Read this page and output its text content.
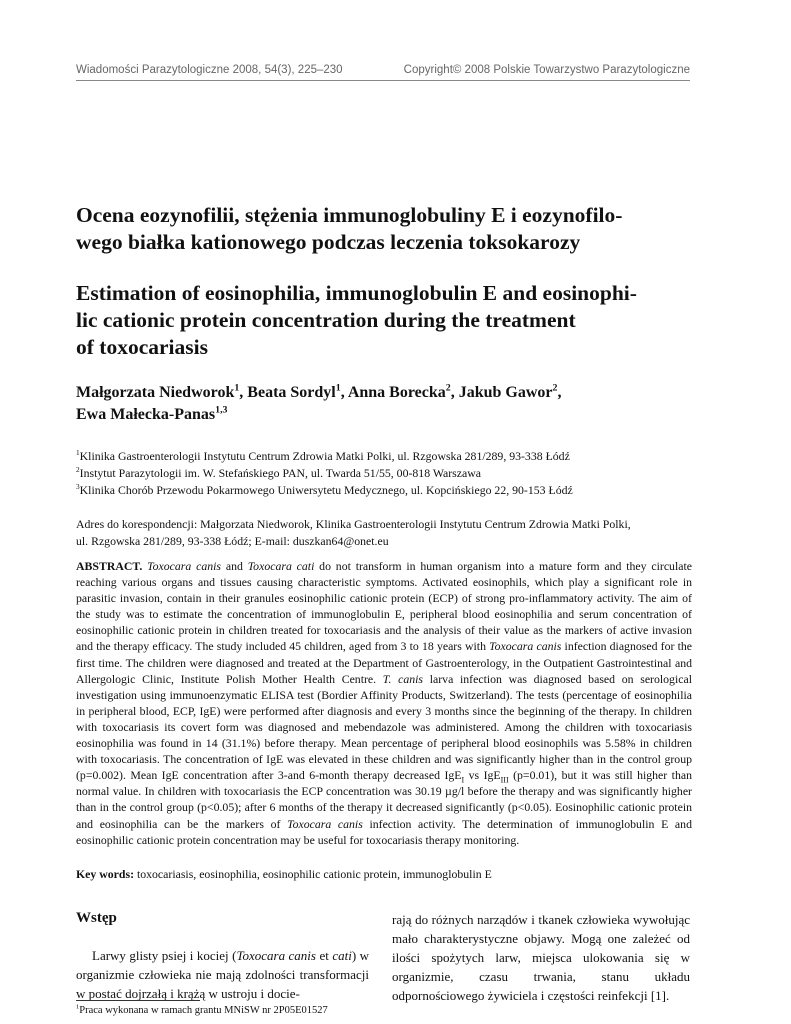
Wiadomości Parazytologiczne 2008, 54(3), 225–230	Copyright© 2008 Polskie Towarzystwo Parazytologiczne
Ocena eozynofilii, stężenia immunoglobuliny E i eozynofilo-
wego białka kationowego podczas leczenia toksokarozy
Estimation of eosinophilia, immunoglobulin E and eosinophi-
lic cationic protein concentration during the treatment
of toxocariasis

Małgorzata Niedworok$^1$, Beata Sordyl$^1$, Anna Borecka$^2$, Jakub Gawor$^2$,
Ewa Małecka-Panas$^{1,3}$

$^1$Klinika Gastroenterologii Instytutu Centrum Zdrowia Matki Polki, ul. Rzgowska 281/289, 93-338 Łódź
$^2$Instytut Parazytologii im. W. Stefańskiego PAN, ul. Twarda 51/55, 00-818 Warszawa
$^3$Klinika Chorób Przewodu Pokarmowego Uniwersytetu Medycznego, ul. Kopcińskiego 22, 90-153 Łódź

Adres do korespondencji: Małgorzata Niedworok, Klinika Gastroenterologii Instytutu Centrum Zdrowia Matki Polki,
ul. Rzgowska 281/289, 93-338 Łódź; E-mail: duszkan64@onet.eu

ABSTRACT. Toxocara canis and Toxocara cati do not transform in human organism into a mature form and they circulate reaching various organs and tissues causing characteristic symptoms. Activated eosinophils, which play a significant role in parasitic invasion, contain in their granules eosinophilic cationic protein (ECP) of strong pro-inflammatory activity. The aim of the study was to estimate the concentration of immunoglobulin E, peripheral blood eosinophilia and serum concentration of eosinophilic cationic protein in children treated for toxocariasis and the analysis of their value as the markers of active invasion and the therapy efficacy. The study included 45 children, aged from 3 to 18 years with Toxocara canis infection diagnosed for the first time. The children were diagnosed and treated at the Department of Gastroenterology, in the Outpatient Gastrointestinal and Allergologic Clinic, Institute Polish Mother Health Centre. T. canis larva infection was diagnosed based on serological investigation using immunoenzymatic ELISA test (Bordier Affinity Products, Switzerland). The tests (percentage of eosinophilia in peripheral blood, ECP, IgE) were performed after diagnosis and every 3 months since the beginning of the therapy. In children with toxocariasis its covert form was diagnosed and mebendazole was administered. Among the children with toxocariasis eosinophilia was found in 14 (31.1%) before therapy. Mean percentage of peripheral blood eosinophils was 5.58% in children with toxocariasis. The concentration of IgE was elevated in these children and was significantly higher than in the control group (p=0.002). Mean IgE concentration after 3-and 6-month therapy decreased IgE$_I$ vs IgE$_{III}$ (p=0.01), but it was still higher than normal value. In children with toxocariasis the ECP concentration was 30.19 µg/l before the therapy and was significantly higher than in the control group (p<0.05); after 6 months of the therapy it decreased significantly (p<0.05). Eosinophilic cationic protein and eosinophilia can be the markers of Toxocara canis infection activity. The determination of immunoglobulin E and eosinophilic cationic protein concentration may be useful for toxocariasis therapy monitoring.

Key words: toxocariasis, eosinophilia, eosinophilic cationic protein, immunoglobulin E

Wstęp

Larwy glisty psiej i kociej (Toxocara canis et cati) w organizmie człowieka nie mają zdolności transformacji w postać dojrzałą i krążą w ustroju i docie-

rają do różnych narządów i tkanek człowieka wywołując mało charakterystyczne objawy. Mogą one zależeć od ilości spożytych larw, miejsca ulokowania się w organizmie, czasu trwania, stanu układu odpornościowego żywiciela i częstości reinfekcji [1].

$^1$Praca wykonana w ramach grantu MNiSW nr 2P05E01527
